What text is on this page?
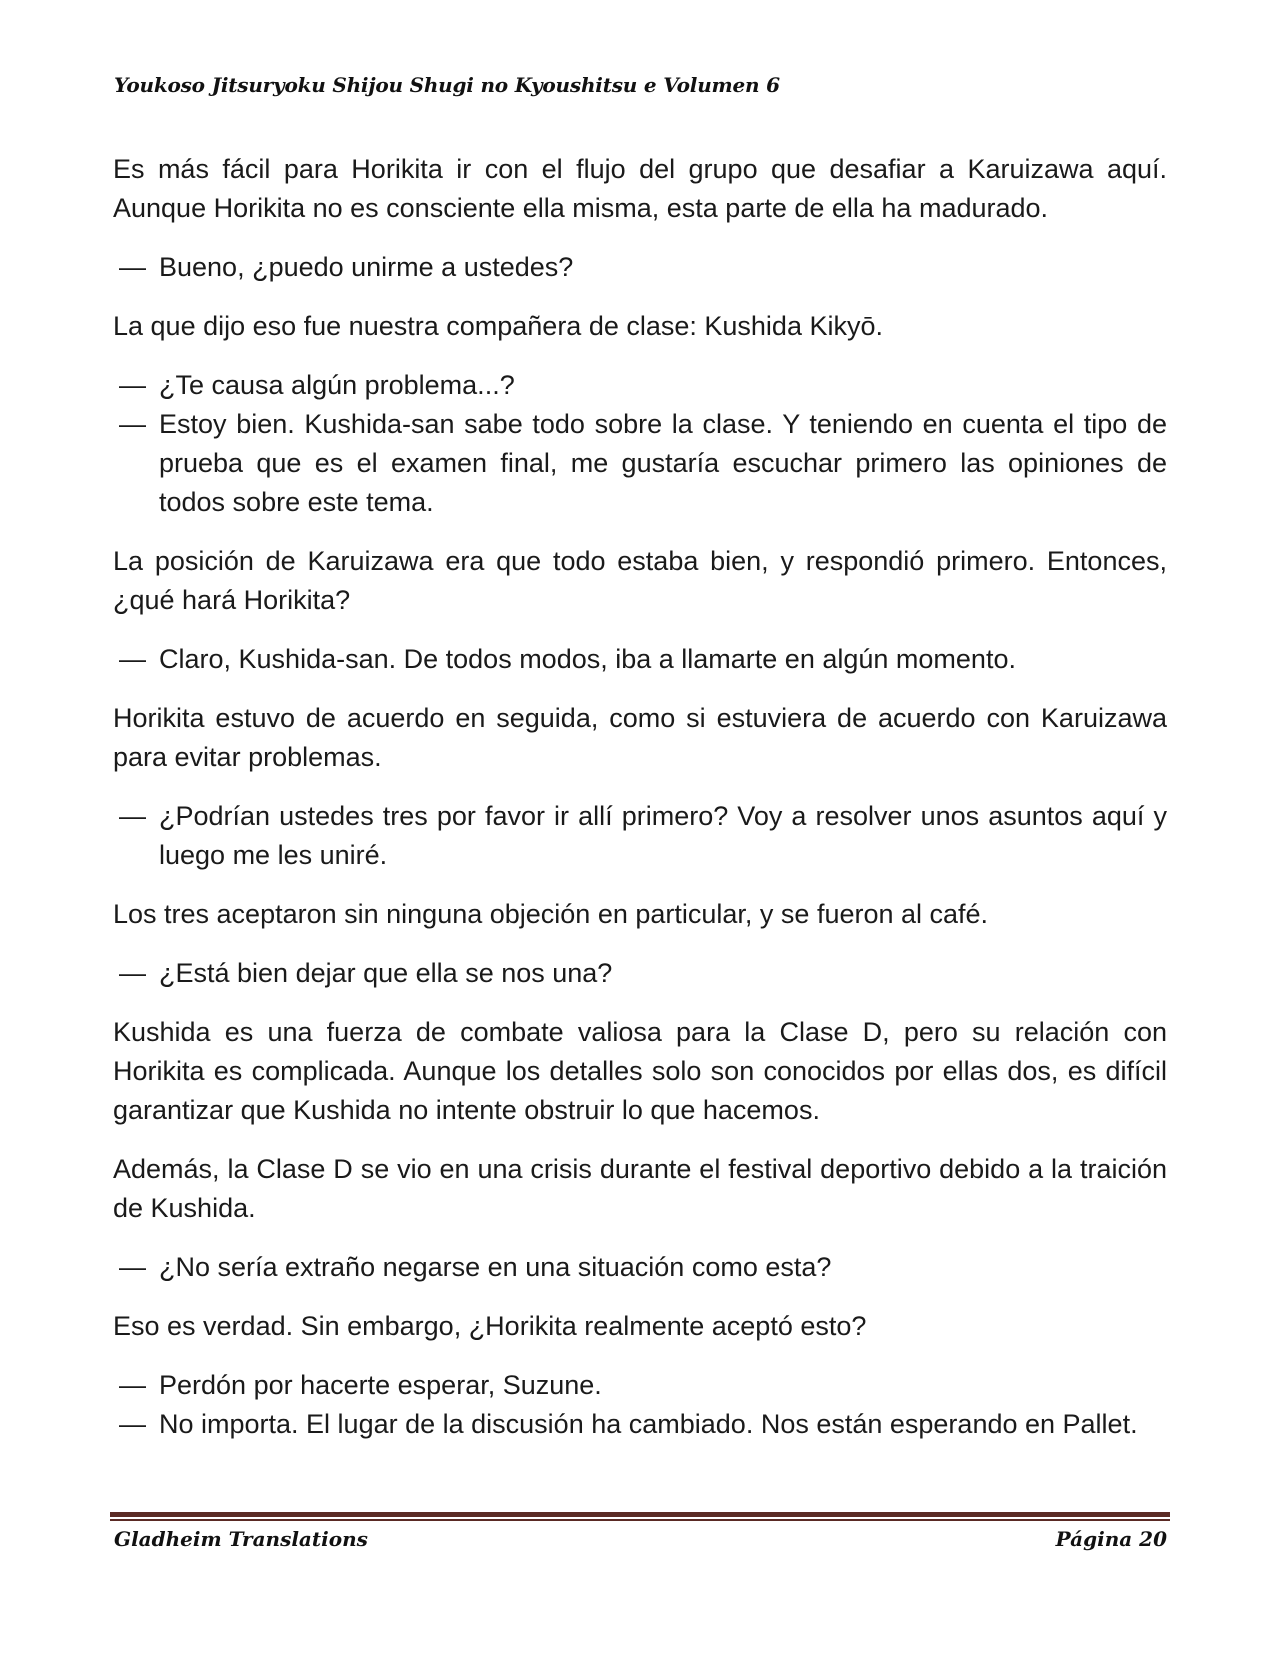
Youkoso Jitsuryoku Shijou Shugi no Kyoushitsu e Volumen 6

Es más fácil para Horikita ir con el flujo del grupo que desafiar a Karuizawa aquí. Aunque Horikita no es consciente ella misma, esta parte de ella ha madurado.

— Bueno, ¿puedo unirme a ustedes?

La que dijo eso fue nuestra compañera de clase: Kushida Kikyō.

— ¿Te causa algún problema...?

— Estoy bien. Kushida-san sabe todo sobre la clase. Y teniendo en cuenta el tipo de prueba que es el examen final, me gustaría escuchar primero las opiniones de todos sobre este tema.

La posición de Karuizawa era que todo estaba bien, y respondió primero. Entonces, ¿qué hará Horikita?

— Claro, Kushida-san. De todos modos, iba a llamarte en algún momento.

Horikita estuvo de acuerdo en seguida, como si estuviera de acuerdo con Karuizawa para evitar problemas.

— ¿Podrían ustedes tres por favor ir allí primero? Voy a resolver unos asuntos aquí y luego me les uniré.

Los tres aceptaron sin ninguna objeción en particular, y se fueron al café.

— ¿Está bien dejar que ella se nos una?

Kushida es una fuerza de combate valiosa para la Clase D, pero su relación con Horikita es complicada. Aunque los detalles solo son conocidos por ellas dos, es difícil garantizar que Kushida no intente obstruir lo que hacemos.

Además, la Clase D se vio en una crisis durante el festival deportivo debido a la traición de Kushida.

— ¿No sería extraño negarse en una situación como esta?

Eso es verdad. Sin embargo, ¿Horikita realmente aceptó esto?

— Perdón por hacerte esperar, Suzune.

— No importa. El lugar de la discusión ha cambiado. Nos están esperando en Pallet.

Gladheim Translations	Página 20
